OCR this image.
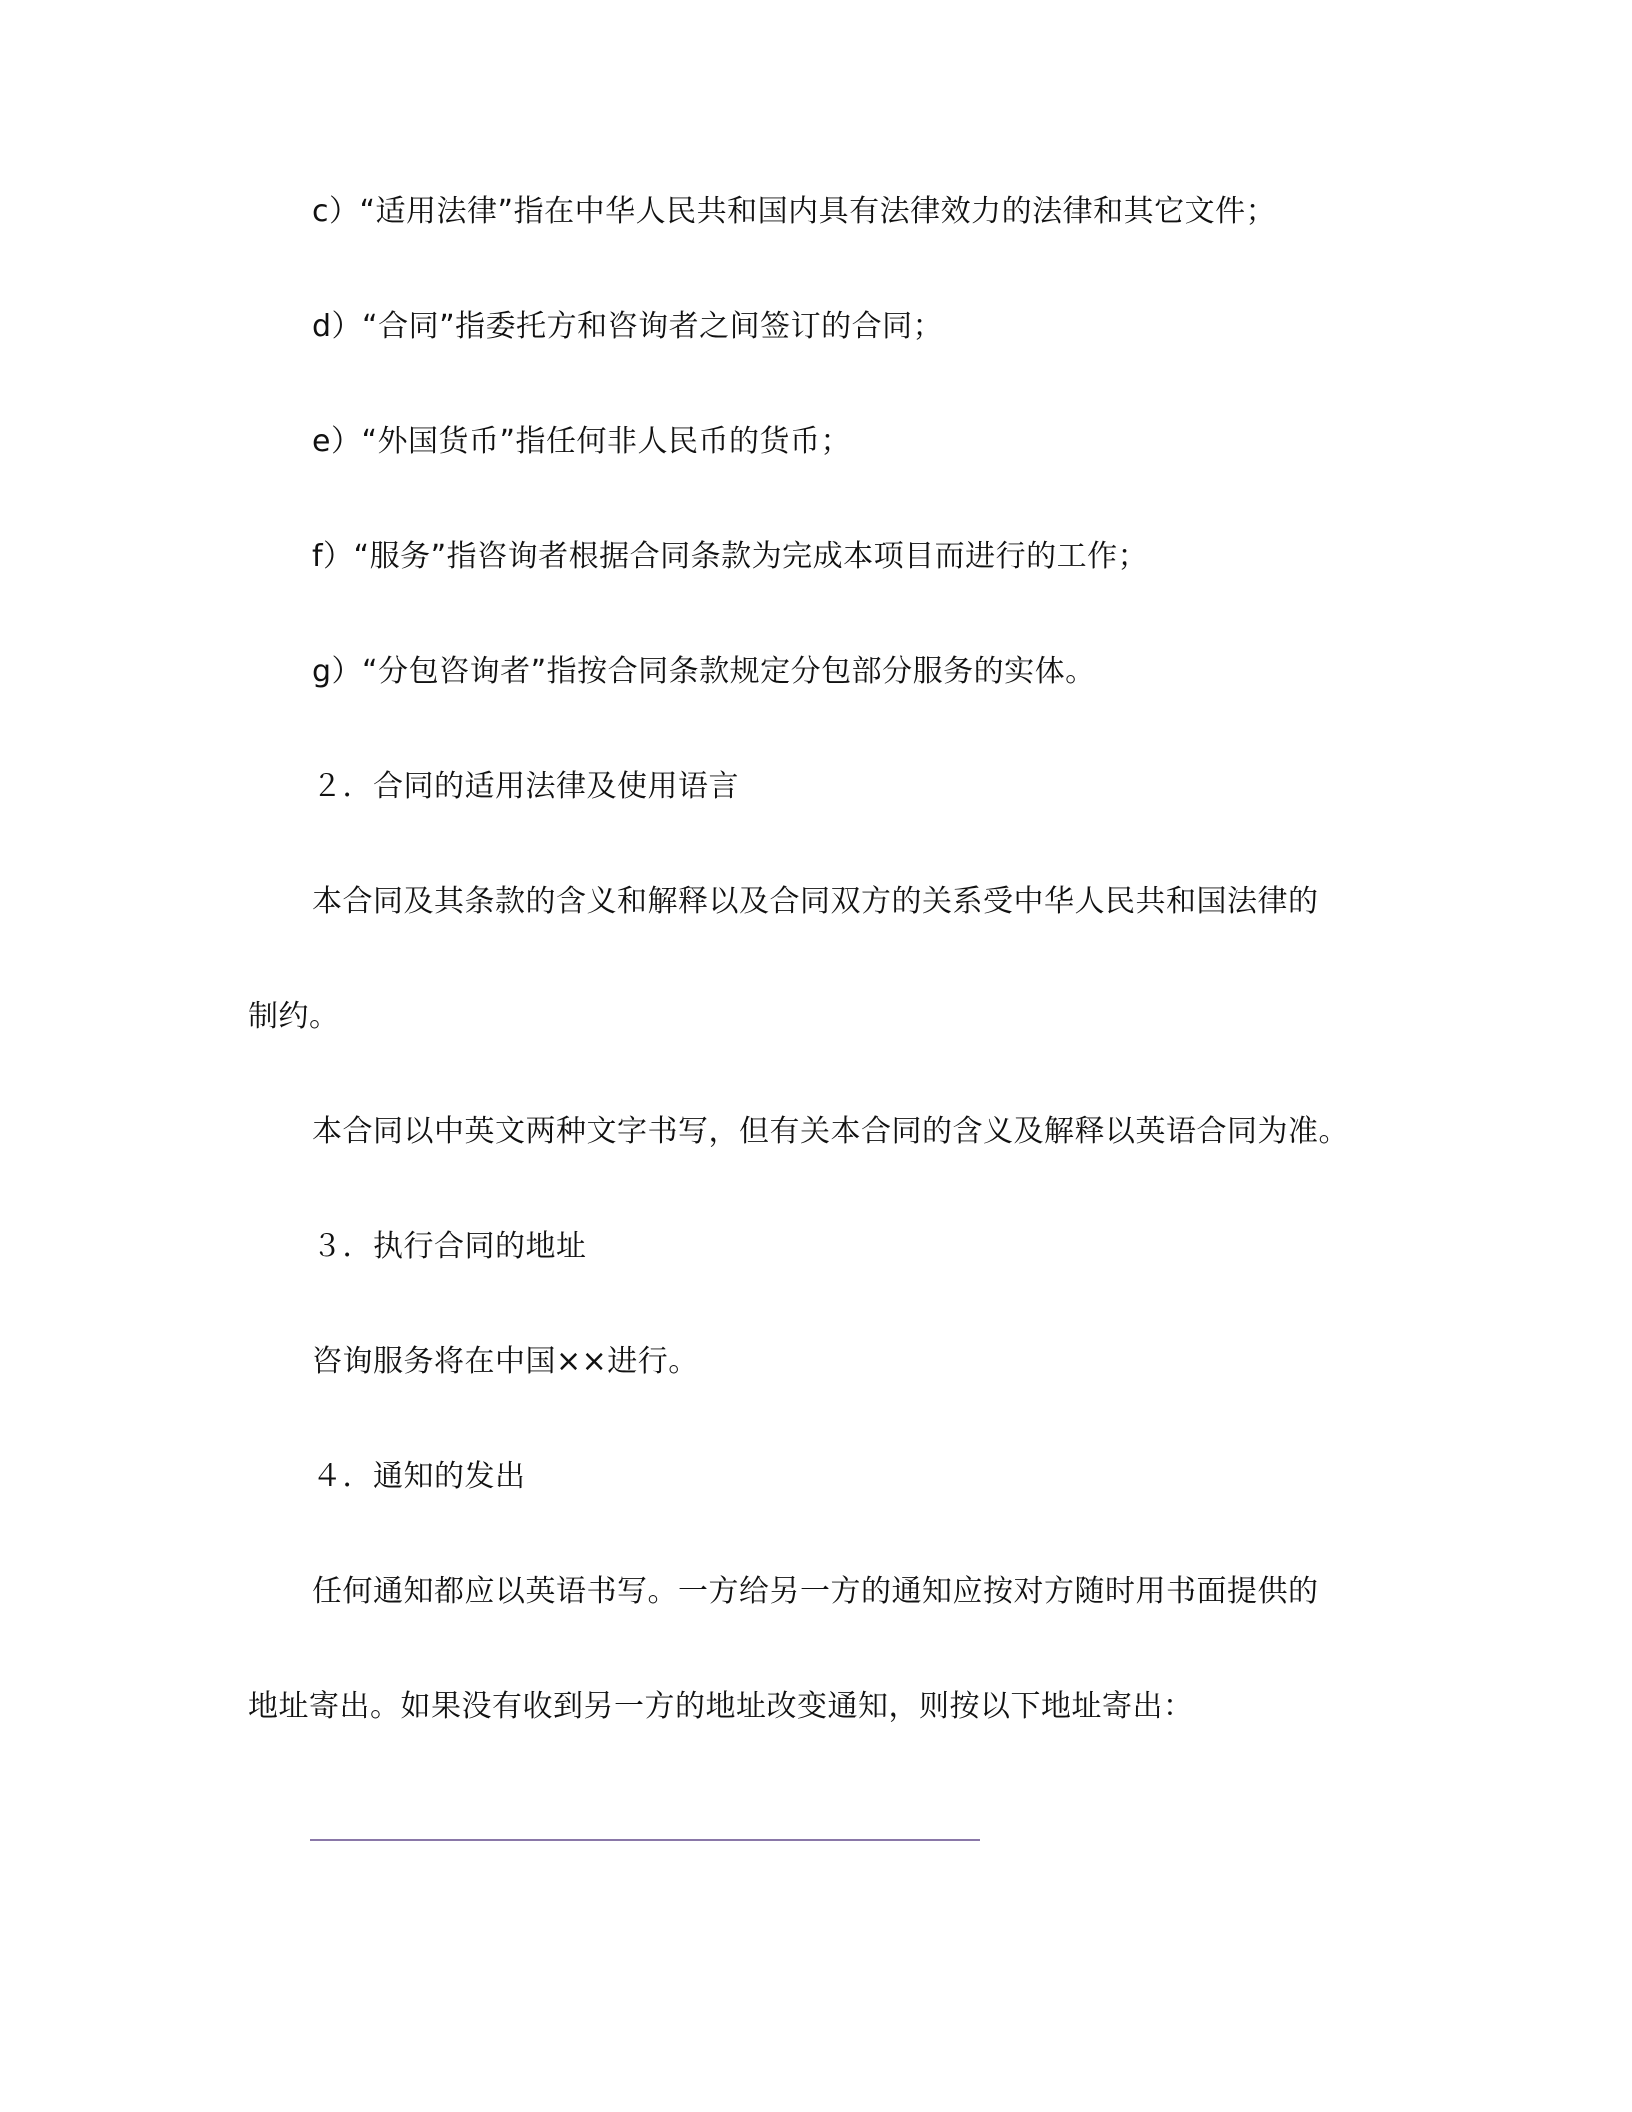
c）“适用法律”指在中华人民共和国内具有法律效力的法律和其它文件；
d）“合同”指委托方和咨询者之间签订的合同；
e）“外国货币”指任何非人民币的货币；
f）“服务”指咨询者根据合同条款为完成本项目而进行的工作；
g）“分包咨询者”指按合同条款规定分包部分服务的实体。
２．合同的适用法律及使用语言
本合同及其条款的含义和解释以及合同双方的关系受中华人民共和国法律的
制约。
本合同以中英文两种文字书写，但有关本合同的含义及解释以英语合同为准。
３．执行合同的地址
咨询服务将在中国××进行。
４．通知的发出
任何通知都应以英语书写。一方给另一方的通知应按对方随时用书面提供的
地址寄出。如果没有收到另一方的地址改变通知，则按以下地址寄出：
